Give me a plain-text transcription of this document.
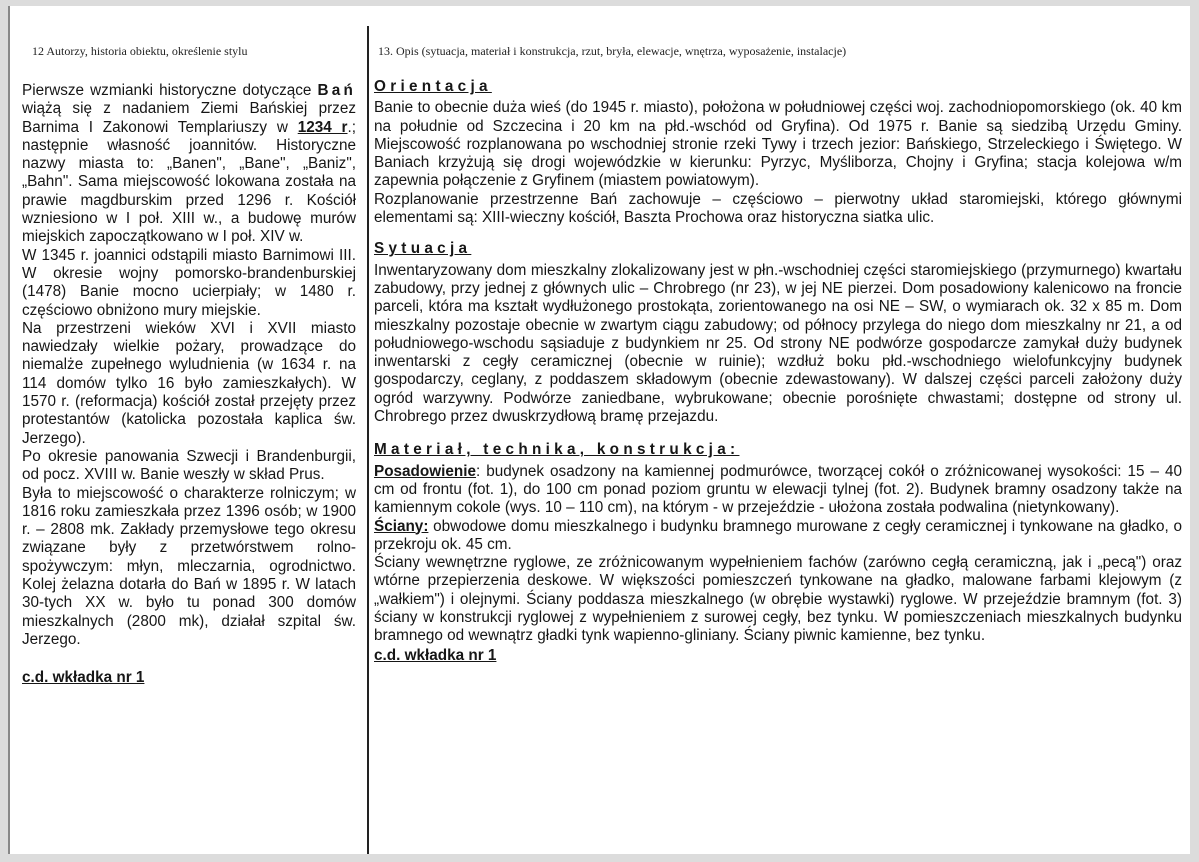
12 Autorzy, historia obiektu, określenie stylu	13. Opis (sytuacja, materiał i konstrukcja, rzut, bryła, elewacje, wnętrza, wyposażenie, instalacje)

Pierwsze wzmianki historyczne dotyczące Bań wiążą się z nadaniem Ziemi Bańskiej przez Barnima I Zakonowi Templariuszy w 1234 r.; następnie własność joannitów. Historyczne nazwy miasta to: „Banen", „Bane", „Baniz", „Bahn". Sama miejscowość lokowana została na prawie magdburskim przed 1296 r. Kościół wzniesiono w I poł. XIII w., a budowę murów miejskich zapoczątkowano w I poł. XIV w.

W 1345 r. joannici odstąpili miasto Barnimowi III. W okresie wojny pomorsko-brandenburskiej (1478) Banie mocno ucierpiały; w 1480 r. częściowo obniżono mury miejskie.

Na przestrzeni wieków XVI i XVII miasto nawiedzały wielkie pożary, prowadzące do niemalże zupełnego wyludnienia (w 1634 r. na 114 domów tylko 16 było zamieszkałych). W 1570 r. (reformacja) kościół został przejęty przez protestantów (katolicka pozostała kaplica św. Jerzego).

Po okresie panowania Szwecji i Brandenburgii, od pocz. XVIII w. Banie weszły w skład Prus.

Była to miejscowość o charakterze rolniczym; w 1816 roku zamieszkała przez 1396 osób; w 1900 r. – 2808 mk. Zakłady przemysłowe tego okresu związane były z przetwórstwem rolno-spożywczym: młyn, mleczarnia, ogrodnictwo. Kolej żelazna dotarła do Bań w 1895 r. W latach 30-tych XX w. było tu ponad 300 domów mieszkalnych (2800 mk), działał szpital św. Jerzego.

c.d. wkładka nr 1
Orientacja

Banie to obecnie duża wieś (do 1945 r. miasto), położona w południowej części woj. zachodniopomorskiego (ok. 40 km na południe od Szczecina i 20 km na płd.-wschód od Gryfina). Od 1975 r. Banie są siedzibą Urzędu Gminy. Miejscowość rozplanowana po wschodniej stronie rzeki Tywy i trzech jezior: Bańskiego, Strzeleckiego i Świętego. W Baniach krzyżują się drogi wojewódzkie w kierunku: Pyrzyc, Myśliborza, Chojny i Gryfina; stacja kolejowa w/m zapewnia połączenie z Gryfinem (miastem powiatowym).

Rozplanowanie przestrzenne Bań zachowuje – częściowo – pierwotny układ staromiejski, którego głównymi elementami są: XIII-wieczny kościół, Baszta Prochowa oraz historyczna siatka ulic.

Sytuacja

Inwentaryzowany dom mieszkalny zlokalizowany jest w płn.-wschodniej części staromiejskiego (przymurnego) kwartału zabudowy, przy jednej z głównych ulic – Chrobrego (nr 23), w jej NE pierzei. Dom posadowiony kalenicowo na froncie parceli, która ma kształt wydłużonego prostokąta, zorientowanego na osi NE – SW, o wymiarach ok. 32 x 85 m. Dom mieszkalny pozostaje obecnie w zwartym ciągu zabudowy; od północy przylega do niego dom mieszkalny nr 21, a od południowego-wschodu sąsiaduje z budynkiem nr 25. Od strony NE podwórze gospodarcze zamykał duży budynek inwentarski z cegły ceramicznej (obecnie w ruinie); wzdłuż boku płd.-wschodniego wielofunkcyjny budynek gospodarczy, ceglany, z poddaszem składowym (obecnie zdewastowany). W dalszej części parceli założony duży ogród warzywny. Podwórze zaniedbane, wybrukowane; obecnie porośnięte chwastami; dostępne od strony ul. Chrobrego przez dwuskrzydłową bramę przejazdu.

Materiał, technika, konstrukcja:

Posadowienie: budynek osadzony na kamiennej podmurówce, tworzącej cokół o zróżnicowanej wysokości: 15 – 40 cm od frontu (fot. 1), do 100 cm ponad poziom gruntu w elewacji tylnej (fot. 2). Budynek bramny osadzony także na kamiennym cokole (wys. 10 – 110 cm), na którym - w przejeździe - ułożona została podwalina (nietynkowany).

Ściany: obwodowe domu mieszkalnego i budynku bramnego murowane z cegły ceramicznej i tynkowane na gładko, o przekroju ok. 45 cm.

Ściany wewnętrzne ryglowe, ze zróżnicowanym wypełnieniem fachów (zarówno cegłą ceramiczną, jak i „pecą") oraz wtórne przepierzenia deskowe. W większości pomieszczeń tynkowane na gładko, malowane farbami klejowym (z „wałkiem") i olejnymi. Ściany poddasza mieszkalnego (w obrębie wystawki) ryglowe. W przejeździe bramnym (fot. 3) ściany w konstrukcji ryglowej z wypełnieniem z surowej cegły, bez tynku. W pomieszczeniach mieszkalnych budynku bramnego od wewnątrz gładki tynk wapienno-gliniany. Ściany piwnic kamienne, bez tynku.

c.d. wkładka nr 1
